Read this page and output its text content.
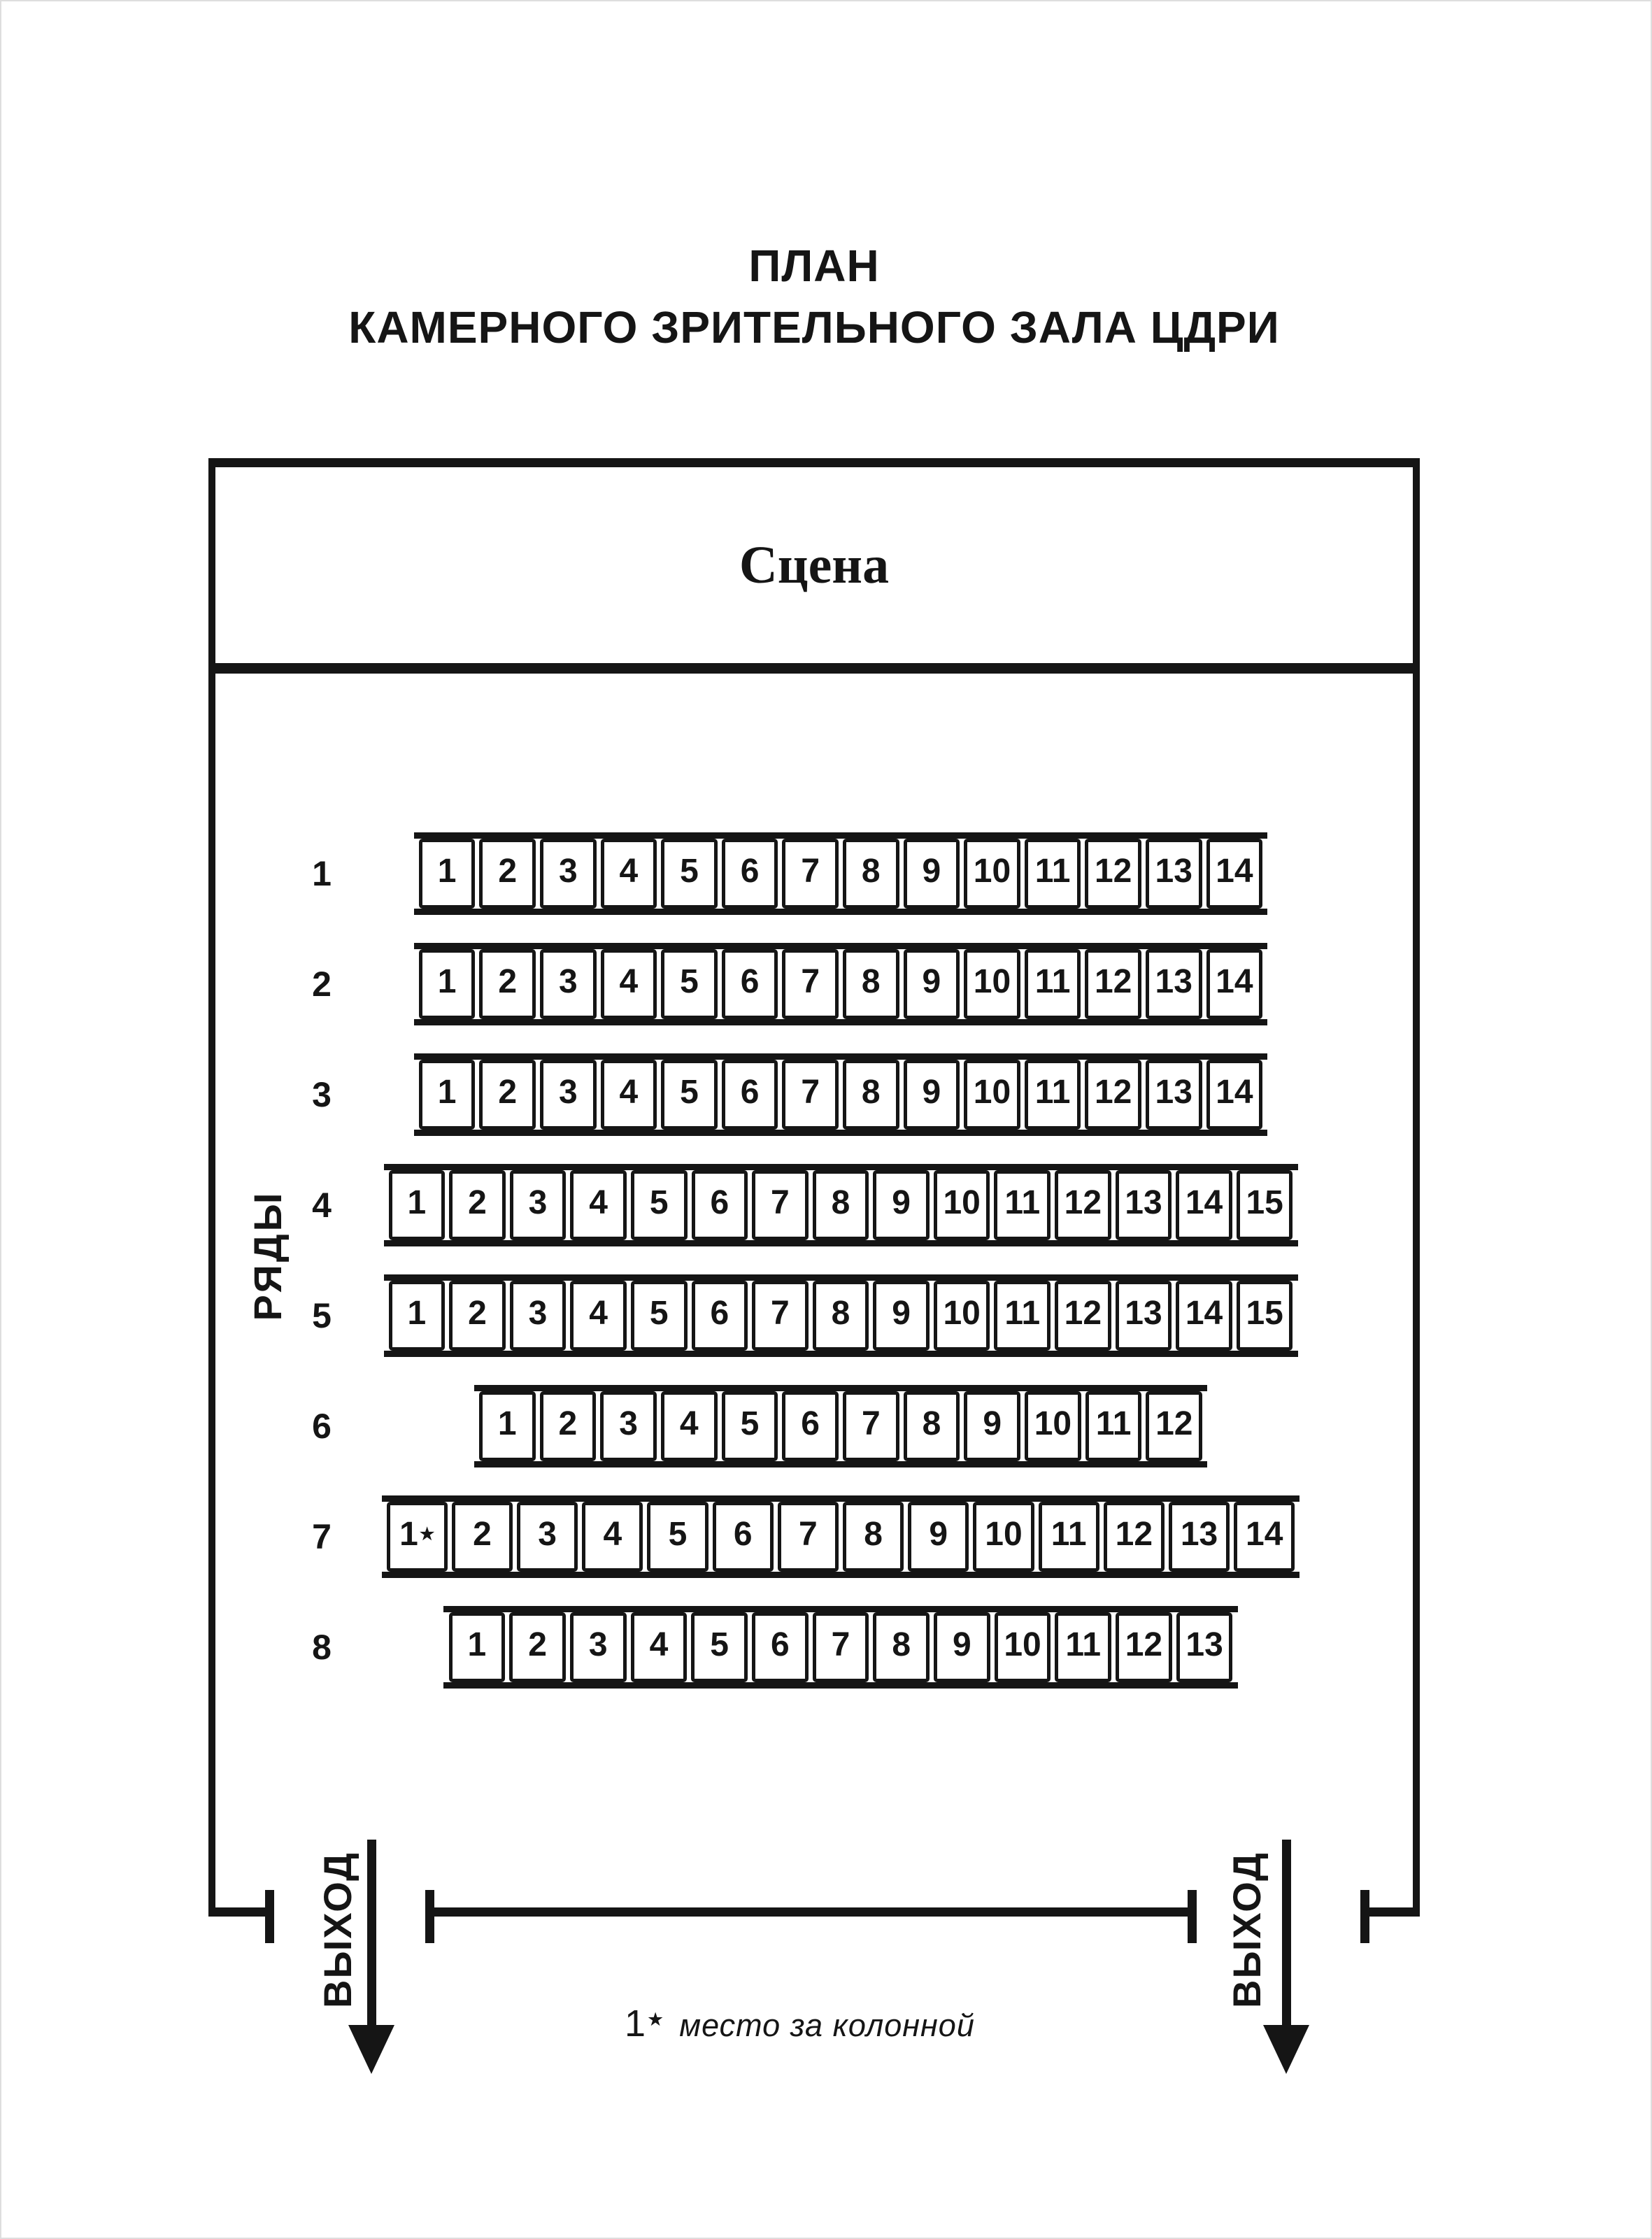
ПЛАН
КАМЕРНОГО ЗРИТЕЛЬНОГО ЗАЛА ЦДРИ
Сцена
РЯДЫ
1	1	2	3	4	5	6	7	8	9 10 11 12 13 14
2	1	2	3	4	5	6	7	8	9 10 11 12 13 14
3	1	2	3	4	5	6	7	8	9 10 11 12 13 14
4	1	2	3	4	5	6	7	8	9 10 11 12 13 14 15
5	1	2	3	4	5	6	7	8	9 10 11 12 13 14 15
6	1	2	3	4	5	6	7	8	9 10 11 12
7	1 ★	2	3	4	5	6	7	8	9	10 11 12 13 14
8	1	2	3	4	5	6	7	8	9 10 11 12 13
ВЫХОД	ВЫХОД
1★ место за колонной
